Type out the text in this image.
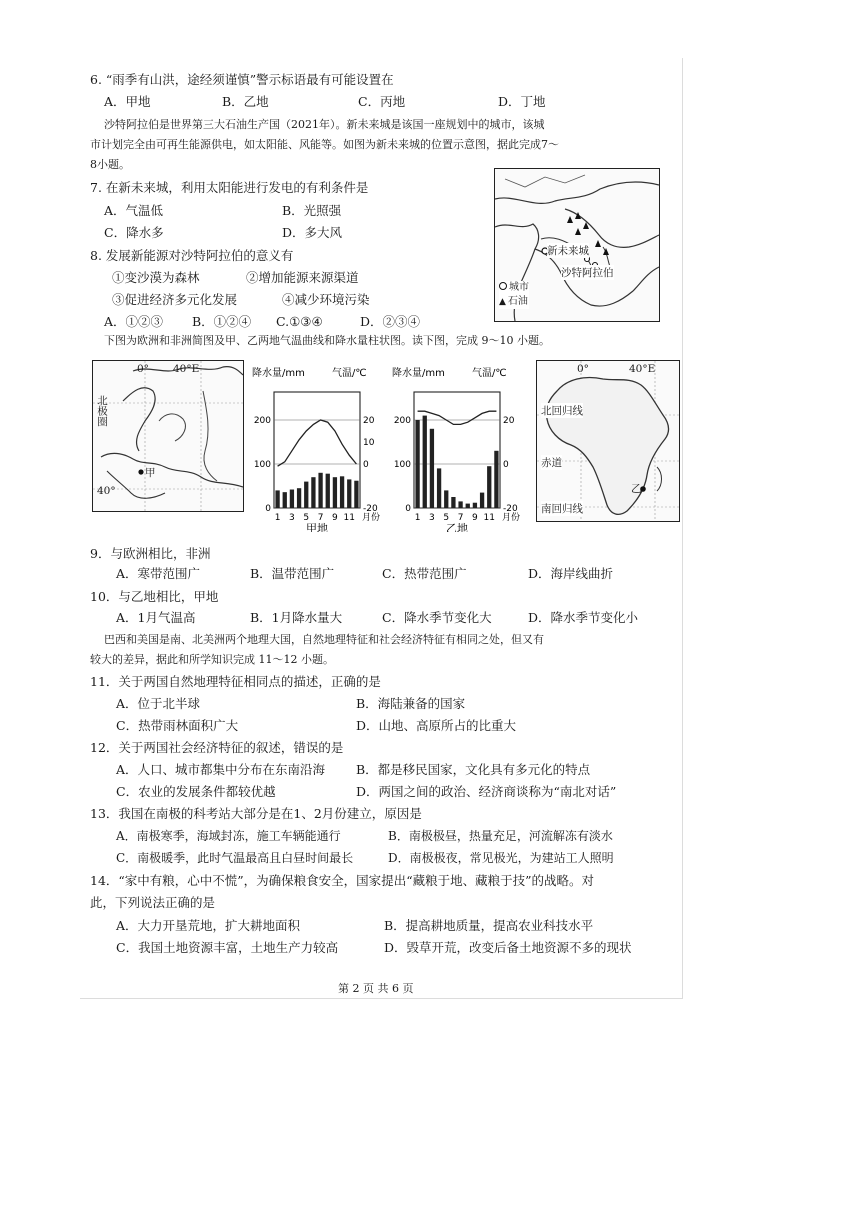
6. “雨季有山洪，途经须谨慎”警示标语最有可能设置在
A．甲地	B．乙地	C．丙地	D．丁地
沙特阿拉伯是世界第三大石油生产国（2021年）。新未来城是该国一座规划中的城市，该城
市计划完全由可再生能源供电，如太阳能、风能等。如图为新未来城的位置示意图，据此完成7～
8小题。
7. 在新未来城，利用太阳能进行发电的有利条件是
A．气温低	B．光照强
C．降水多	D．多大风
8. 发展新能源对沙特阿拉伯的意义有
①变沙漠为森林	②增加能源来源渠道
③促进经济多元化发展	④减少环境污染
A．①②③ B．①②④ C.①③④	D．②③④
新未来城
沙特阿拉伯
城市
▲ 石油
下图为欧洲和非洲简图及甲、乙两地气温曲线和降水量柱状图。读下图，完成 9～10 小题。
0° 40°E
北极圈
甲
40°
降水量/mm	气温/℃
0
100
200
-20
0
10
20
1 3 5 7 9 11 月份
甲地
降水量/mm	气温/℃
0
100
200
-20
0
20
1 3 5 7 9 11 月份
乙地
0°	40°E
北回归线
赤道
乙
南回归线
9．与欧洲相比，非洲
A．寒带范围广	B．温带范围广	C．热带范围广	D．海岸线曲折
10．与乙地相比，甲地
A．1月气温高	B．1月降水量大	C．降水季节变化大	D．降水季节变化小
巴西和美国是南、北美洲两个地理大国，自然地理特征和社会经济特征有相同之处，但又有
较大的差异，据此和所学知识完成 11～12 小题。
11．关于两国自然地理特征相同点的描述，正确的是
A．位于北半球	B．海陆兼备的国家
C．热带雨林面积广大	D．山地、高原所占的比重大
12．关于两国社会经济特征的叙述，错误的是
A．人口、城市都集中分布在东南沿海 B．都是移民国家，文化具有多元化的特点
C．农业的发展条件都较优越	D．两国之间的政治、经济商谈称为“南北对话”
13．我国在南极的科考站大部分是在1、2月份建立，原因是
A．南极寒季，海域封冻，施工车辆能通行	B．南极极昼，热量充足，河流解冻有淡水
C．南极暖季，此时气温最高且白昼时间最长	D．南极极夜，常见极光，为建站工人照明
14．“家中有粮，心中不慌”，为确保粮食安全，国家提出“藏粮于地、藏粮于技”的战略。对
此，下列说法正确的是
A．大力开垦荒地，扩大耕地面积	B．提高耕地质量，提高农业科技水平
C．我国土地资源丰富，土地生产力较高	D．毁草开荒，改变后备土地资源不多的现状
第 2 页 共 6 页
